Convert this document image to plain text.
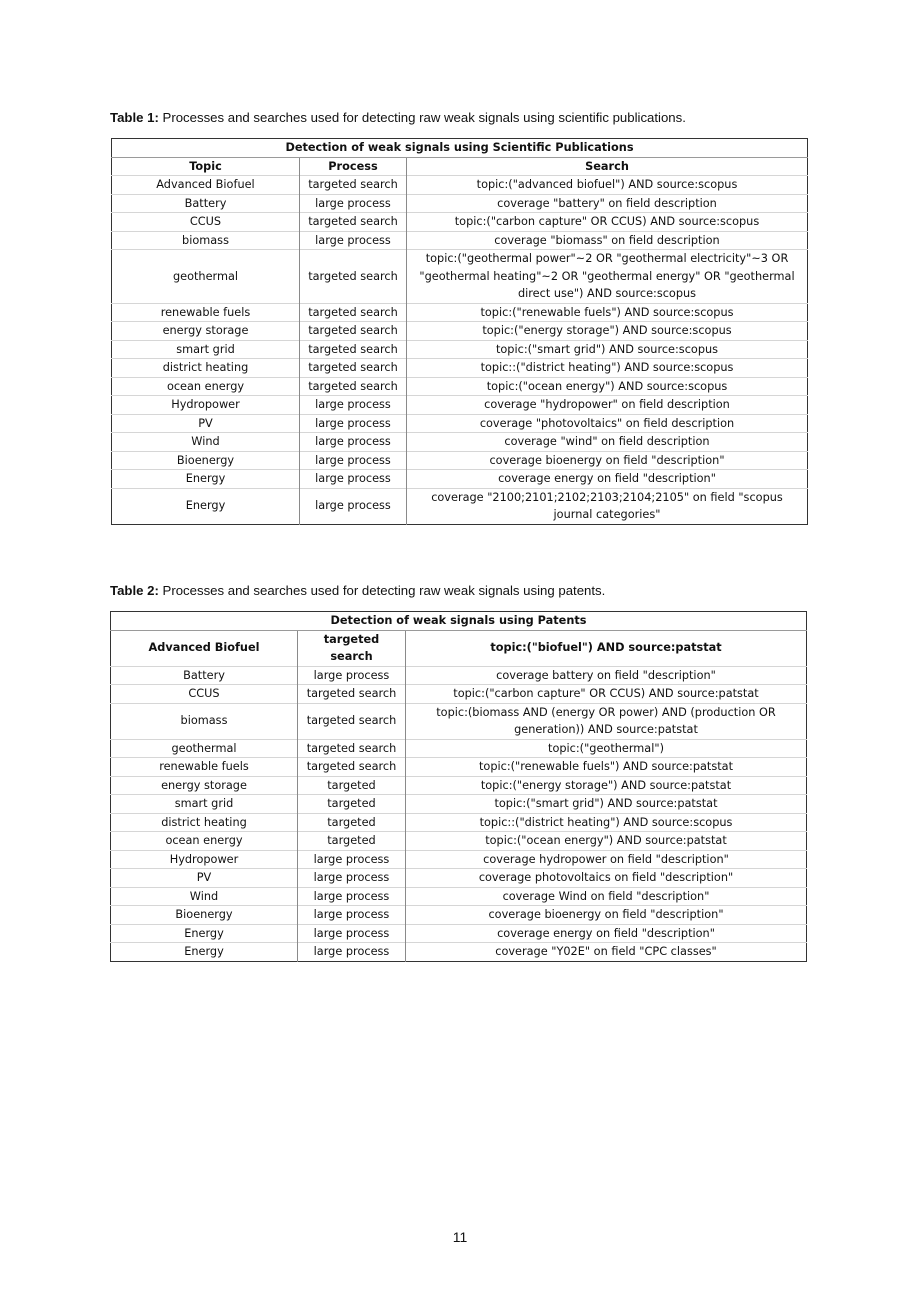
Table 1: Processes and searches used for detecting raw weak signals using scientific publications.
Detection of weak signals using Scientific Publications		
Topic	Process	Search
Advanced Biofuel	targeted search	topic:("advanced biofuel") AND source:scopus
Battery	large process	coverage "battery" on field description
CCUS	targeted search	topic:("carbon capture" OR CCUS) AND source:scopus
biomass	large process	coverage "biomass" on field description
geothermal	targeted search	topic:("geothermal power"~2 OR "geothermal electricity"~3 OR "geothermal heating"~2 OR "geothermal energy" OR "geothermal direct use") AND source:scopus
renewable fuels	targeted search	topic:("renewable fuels") AND source:scopus
energy storage	targeted search	topic:("energy storage") AND source:scopus
smart grid	targeted search	topic:("smart grid") AND source:scopus
district heating	targeted search	topic::("district heating") AND source:scopus
ocean energy	targeted search	topic:("ocean energy") AND source:scopus
Hydropower	large process	coverage "hydropower" on field description
PV	large process	coverage "photovoltaics" on field description
Wind	large process	coverage "wind" on field description
Bioenergy	large process	coverage bioenergy on field "description"
Energy	large process	coverage energy on field "description"
Energy	large process	coverage "2100;2101;2102;2103;2104;2105" on field "scopus journal categories"
Table 2: Processes and searches used for detecting raw weak signals using patents.
Detection of weak signals using Patents		
Advanced Biofuel	targeted search	topic:("biofuel") AND source:patstat
Battery	large process	coverage battery on field "description"
CCUS	targeted search	topic:("carbon capture" OR CCUS) AND source:patstat
biomass	targeted search	topic:(biomass AND (energy OR power) AND (production OR generation)) AND source:patstat
geothermal	targeted search	topic:("geothermal")
renewable fuels	targeted search	topic:("renewable fuels") AND source:patstat
energy storage	targeted	topic:("energy storage") AND source:patstat
smart grid	targeted	topic:("smart grid") AND source:patstat
district heating	targeted	topic::("district heating") AND source:scopus
ocean energy	targeted	topic:("ocean energy") AND source:patstat
Hydropower	large process	coverage hydropower on field "description"
PV	large process	coverage photovoltaics on field "description"
Wind	large process	coverage Wind on field "description"
Bioenergy	large process	coverage bioenergy on field "description"
Energy	large process	coverage energy on field "description"
Energy	large process	coverage "Y02E" on field "CPC classes"
11
